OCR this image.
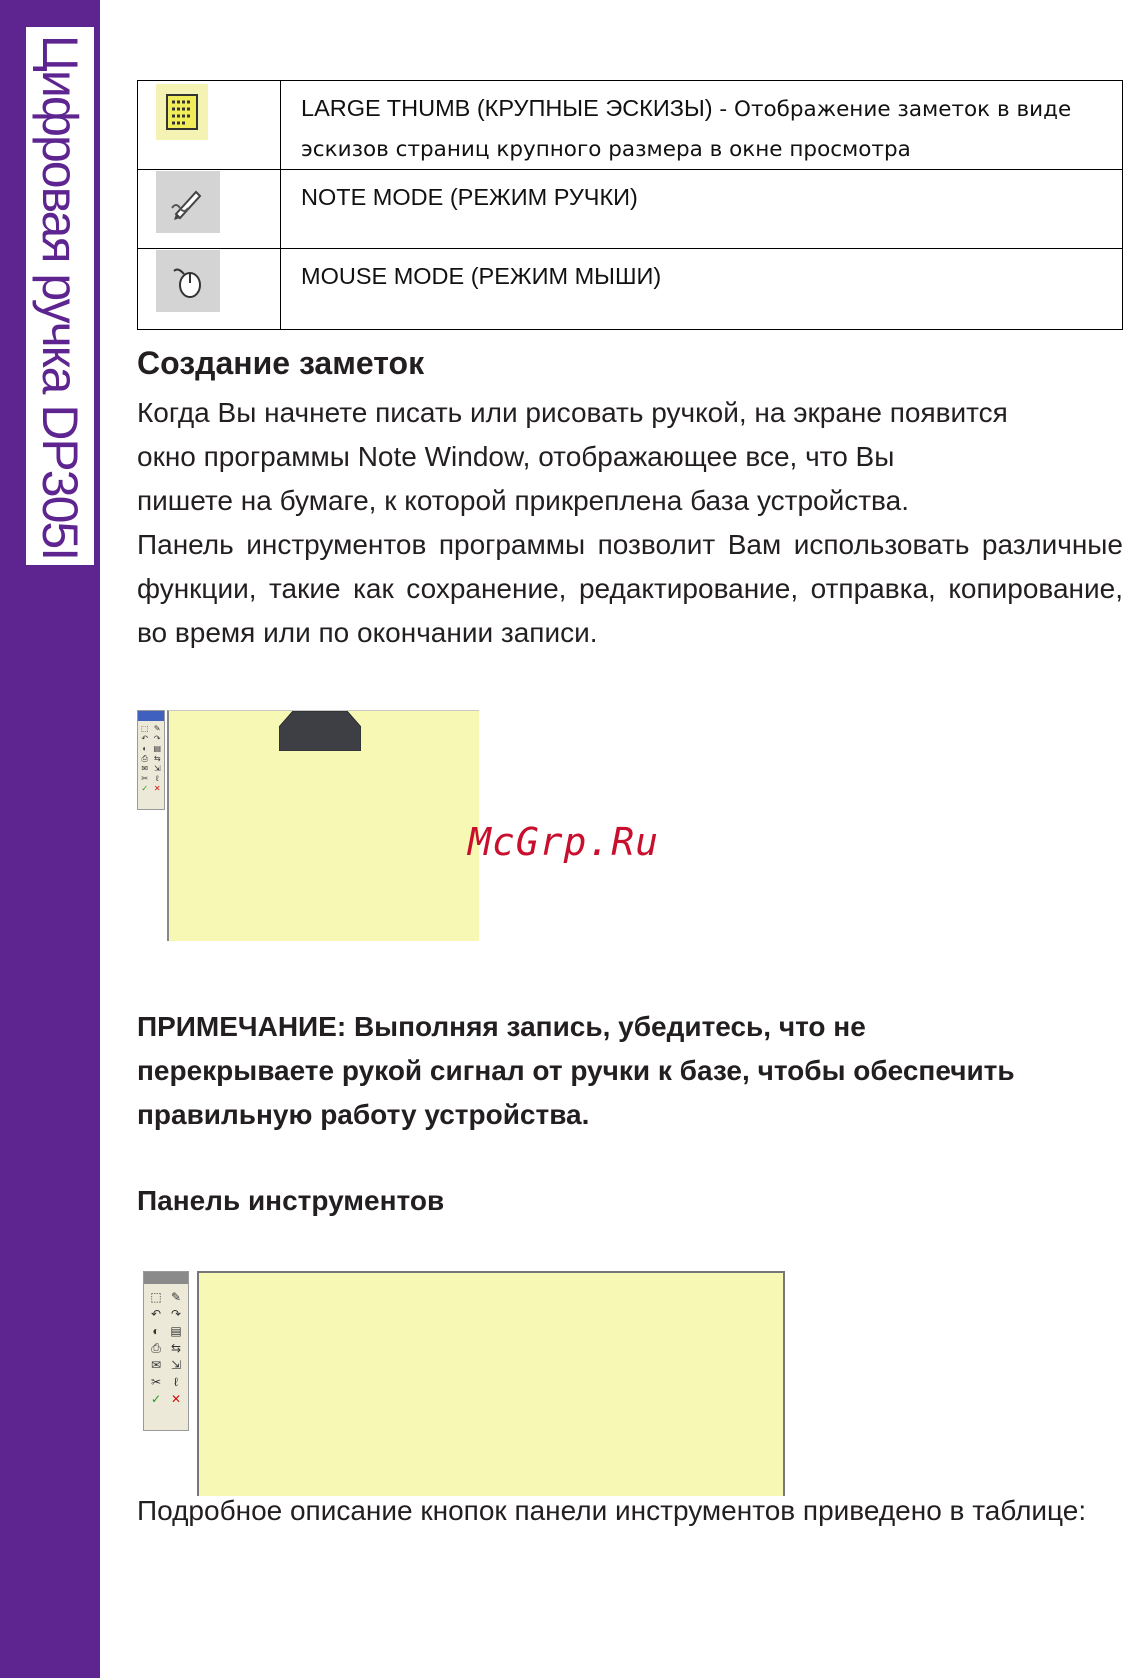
Цифровая ручка DP305I
		LARGE THUMB (КРУПНЫЕ ЭСКИЗЫ) - Отображение заметок в виде эскизов страниц крупного размера в окне просмотра

	NOTE MODE (РЕЖИМ РУЧКИ)

	MOUSE MODE (РЕЖИМ МЫШИ)
Создание заметок

Когда Вы начнете писать или рисовать ручкой, на экране появится
окно программы Note Window, отображающее все, что Вы
пишете на бумаге, к которой прикреплена база устройства.

Панель инструментов программы позволит Вам использовать различные функции, такие как сохранение, редактирование, отправка, копирование, во время или по окончании записи.

⬚ ✎
↶ ↷
◐ ▤
⎙ ⇆
✉ ⇲
✂ ℓ
✓ ✕
McGrp.Ru

ПРИМЕЧАНИЕ: Выполняя запись, убедитесь, что не перекрываете рукой сигнал от ручки к базе, чтобы обеспечить правильную работу устройства.

Панель инструментов
⬚ ✎
↶ ↷
◐ ▤
⎙ ⇆
✉ ⇲
✂	ℓ
✓ ✕

Подробное описание кнопок панели инструментов приведено в таблице:
